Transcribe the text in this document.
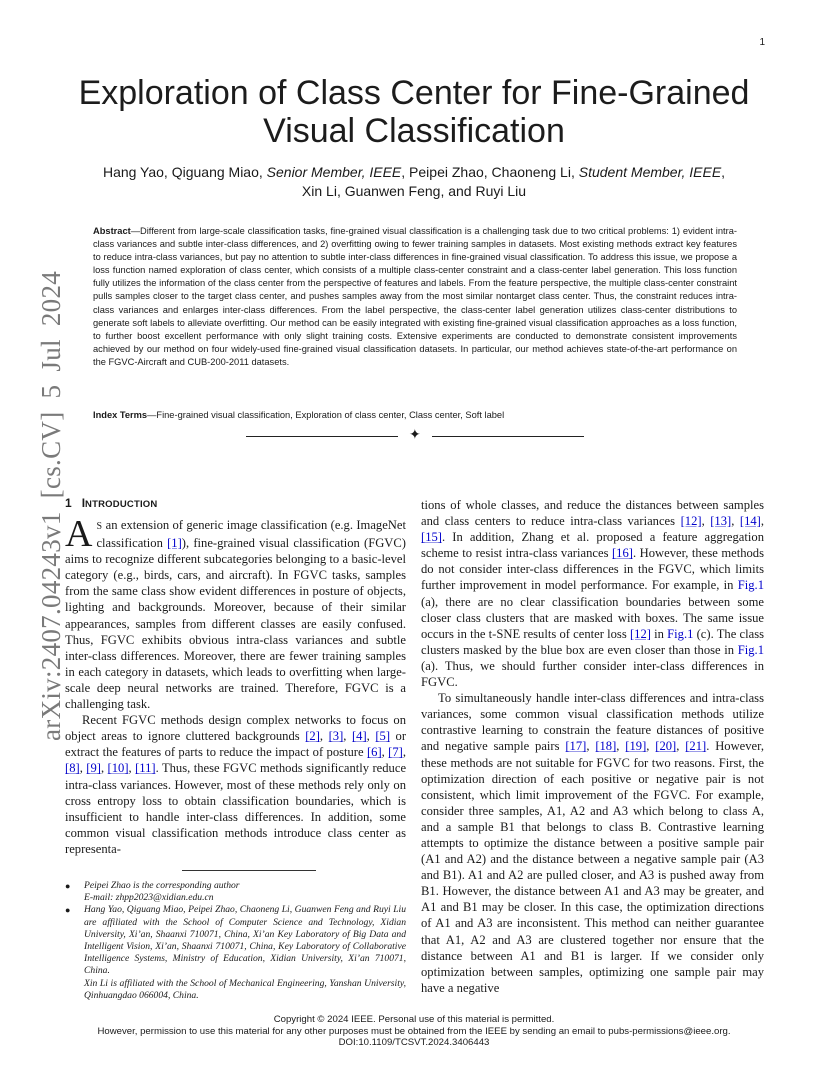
1
arXiv:2407.04243v1 [cs.CV] 5 Jul 2024
Exploration of Class Center for Fine-Grained Visual Classification
Hang Yao, Qiguang Miao, Senior Member, IEEE, Peipei Zhao, Chaoneng Li, Student Member, IEEE,
Xin Li, Guanwen Feng, and Ruyi Liu
Abstract—Different from large-scale classification tasks, fine-grained visual classification is a challenging task due to two critical problems: 1) evident intra-class variances and subtle inter-class differences, and 2) overfitting owing to fewer training samples in datasets. Most existing methods extract key features to reduce intra-class variances, but pay no attention to subtle inter-class differences in fine-grained visual classification. To address this issue, we propose a loss function named exploration of class center, which consists of a multiple class-center constraint and a class-center label generation. This loss function fully utilizes the information of the class center from the perspective of features and labels. From the feature perspective, the multiple class-center constraint pulls samples closer to the target class center, and pushes samples away from the most similar nontarget class center. Thus, the constraint reduces intra-class variances and enlarges inter-class differences. From the label perspective, the class-center label generation utilizes class-center distributions to generate soft labels to alleviate overfitting. Our method can be easily integrated with existing fine-grained visual classification approaches as a loss function, to further boost excellent performance with only slight training costs. Extensive experiments are conducted to demonstrate consistent improvements achieved by our method on four widely-used fine-grained visual classification datasets. In particular, our method achieves state-of-the-art performance on the FGVC-Aircraft and CUB-200-2011 datasets.
Index Terms—Fine-grained visual classification, Exploration of class center, Class center, Soft label
✦
1 INTRODUCTION

A S an extension of generic image classification (e.g. ImageNet classification [1]), fine-grained visual classification (FGVC) aims to recognize different subcategories belonging to a basic-level category (e.g., birds, cars, and aircraft). In FGVC tasks, samples from the same class show evident differences in posture of objects, lighting and backgrounds. Moreover, because of their similar appearances, samples from different classes are easily confused. Thus, FGVC exhibits obvious intra-class variances and subtle inter-class differences. Moreover, there are fewer training samples in each category in datasets, which leads to overfitting when large-scale deep neural networks are trained. Therefore, FGVC is a challenging task.

Recent FGVC methods design complex networks to focus on object areas to ignore cluttered backgrounds [2], [3], [4], [5] or extract the features of parts to reduce the impact of posture [6], [7], [8], [9], [10], [11]. Thus, these FGVC methods significantly reduce intra-class variances. However, most of these methods rely only on cross entropy loss to obtain classification boundaries, which is insufficient to handle inter-class differences. In addition, some common visual classification methods introduce class center as representa-

tions of whole classes, and reduce the distances between samples and class centers to reduce intra-class variances [12], [13], [14], [15]. In addition, Zhang et al. proposed a feature aggregation scheme to resist intra-class variances [16]. However, these methods do not consider inter-class differences in the FGVC, which limits further improvement in model performance. For example, in Fig.1 (a), there are no clear classification boundaries between some closer class clusters that are masked with boxes. The same issue occurs in the t-SNE results of center loss [12] in Fig.1 (c). The class clusters masked by the blue box are even closer than those in Fig.1 (a). Thus, we should further consider inter-class differences in FGVC.

To simultaneously handle inter-class differences and intra-class variances, some common visual classification methods utilize contrastive learning to constrain the feature distances of positive and negative sample pairs [17], [18], [19], [20], [21]. However, these methods are not suitable for FGVC for two reasons. First, the optimization direction of each positive or negative pair is not consistent, which limit improvement of the FGVC. For example, consider three samples, A1, A2 and A3 which belong to class A, and a sample B1 that belongs to class B. Contrastive learning attempts to optimize the distance between a positive sample pair (A1 and A2) and the distance between a negative sample pair (A3 and B1). A1 and A2 are pulled closer, and A3 is pushed away from B1. However, the distance between A1 and A3 may be greater, and A1 and B1 may be closer. In this case, the optimization directions of A1 and A3 are inconsistent. This method can neither guarantee that A1, A2 and A3 are clustered together nor ensure that the distance between A1 and B1 is larger. If we consider only optimization between samples, optimizing one sample pair may have a negative

● Peipei Zhao is the corresponding author
E-mail: zhpp2023@xidian.edu.cn
● Hang Yao, Qiguang Miao, Peipei Zhao, Chaoneng Li, Guanwen Feng and Ruyi Liu are affiliated with the School of Computer Science and Technology, Xidian University, Xi’an, Shaanxi 710071, China, Xi’an Key Laboratory of Big Data and Intelligent Vision, Xi’an, Shaanxi 710071, China, Key Laboratory of Collaborative Intelligence Systems, Ministry of Education, Xidian University, Xi’an 710071, China.
Xin Li is affiliated with the School of Mechanical Engineering, Yanshan University, Qinhuangdao 066004, China.
Copyright © 2024 IEEE. Personal use of this material is permitted.
However, permission to use this material for any other purposes must be obtained from the IEEE by sending an email to pubs-permissions@ieee.org.
DOI:10.1109/TCSVT.2024.3406443
